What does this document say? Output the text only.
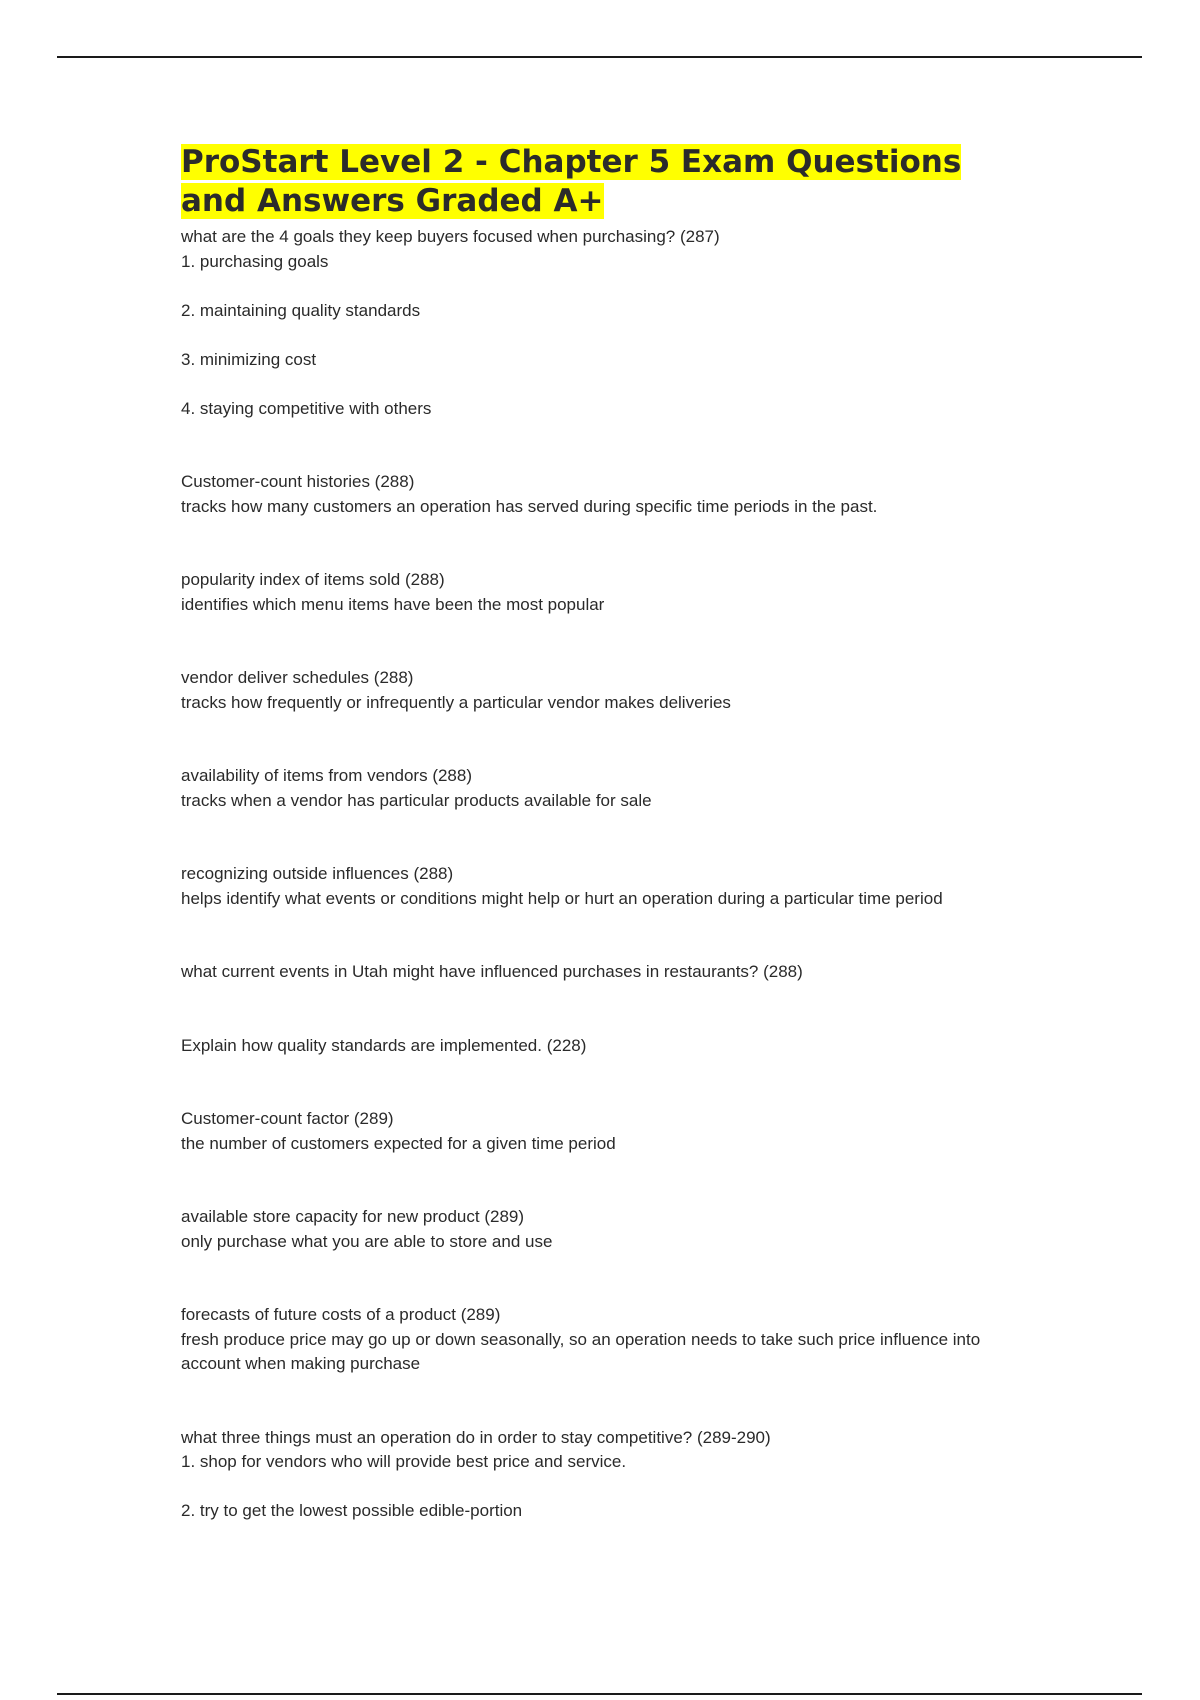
ProStart Level 2 - Chapter 5 Exam Questions and Answers Graded A+

what are the 4 goals they keep buyers focused when purchasing? (287)

1. purchasing goals

2. maintaining quality standards

3. minimizing cost

4. staying competitive with others

Customer-count histories (288)

tracks how many customers an operation has served during specific time periods in the past.

popularity index of items sold (288)

identifies which menu items have been the most popular

vendor deliver schedules (288)

tracks how frequently or infrequently a particular vendor makes deliveries

availability of items from vendors (288)

tracks when a vendor has particular products available for sale

recognizing outside influences (288)

helps identify what events or conditions might help or hurt an operation during a particular time period

what current events in Utah might have influenced purchases in restaurants? (288)

Explain how quality standards are implemented. (228)

Customer-count factor (289)

the number of customers expected for a given time period

available store capacity for new product (289)

only purchase what you are able to store and use

forecasts of future costs of a product (289)

fresh produce price may go up or down seasonally, so an operation needs to take such price influence into account when making purchase

what three things must an operation do in order to stay competitive? (289-290)

1. shop for vendors who will provide best price and service.

2. try to get the lowest possible edible-portion
